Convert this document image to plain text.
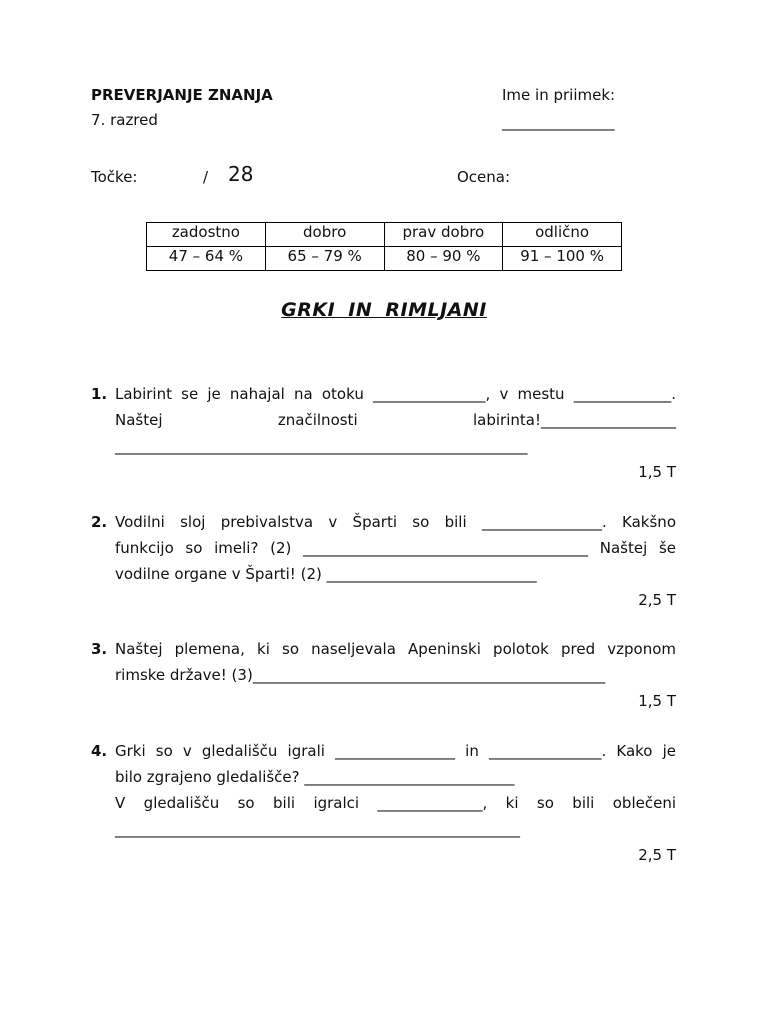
PREVERJANJE ZNANJA
7. razred
Ime in priimek:
_______________
Točke:	/ 28	Ocena:
zadostno	dobro	prav dobro	odlično
47 – 64 %	65 – 79 %	80 – 90 %	91 – 100 %
GRKI IN RIMLJANI
1. Labirint se je nahajal na otoku _______________, v mestu _____________.
Naštej značilnosti labirinta!__________________
_______________________________________________________
1,5 T
2. Vodilni sloj prebivalstva v Šparti so bili ________________. Kakšno
funkcijo so imeli? (2) ______________________________________ Naštej še
vodilne organe v Šparti! (2) ____________________________
2,5 T
3. Naštej plemena, ki so naseljevala Apeninski polotok pred vzponom
rimske države! (3)_______________________________________________
1,5 T
4. Grki so v gledališču igrali ________________ in _______________. Kako je
bilo zgrajeno gledališče? ____________________________
V gledališču so bili igralci ______________, ki so bili oblečeni
______________________________________________________
2,5 T
